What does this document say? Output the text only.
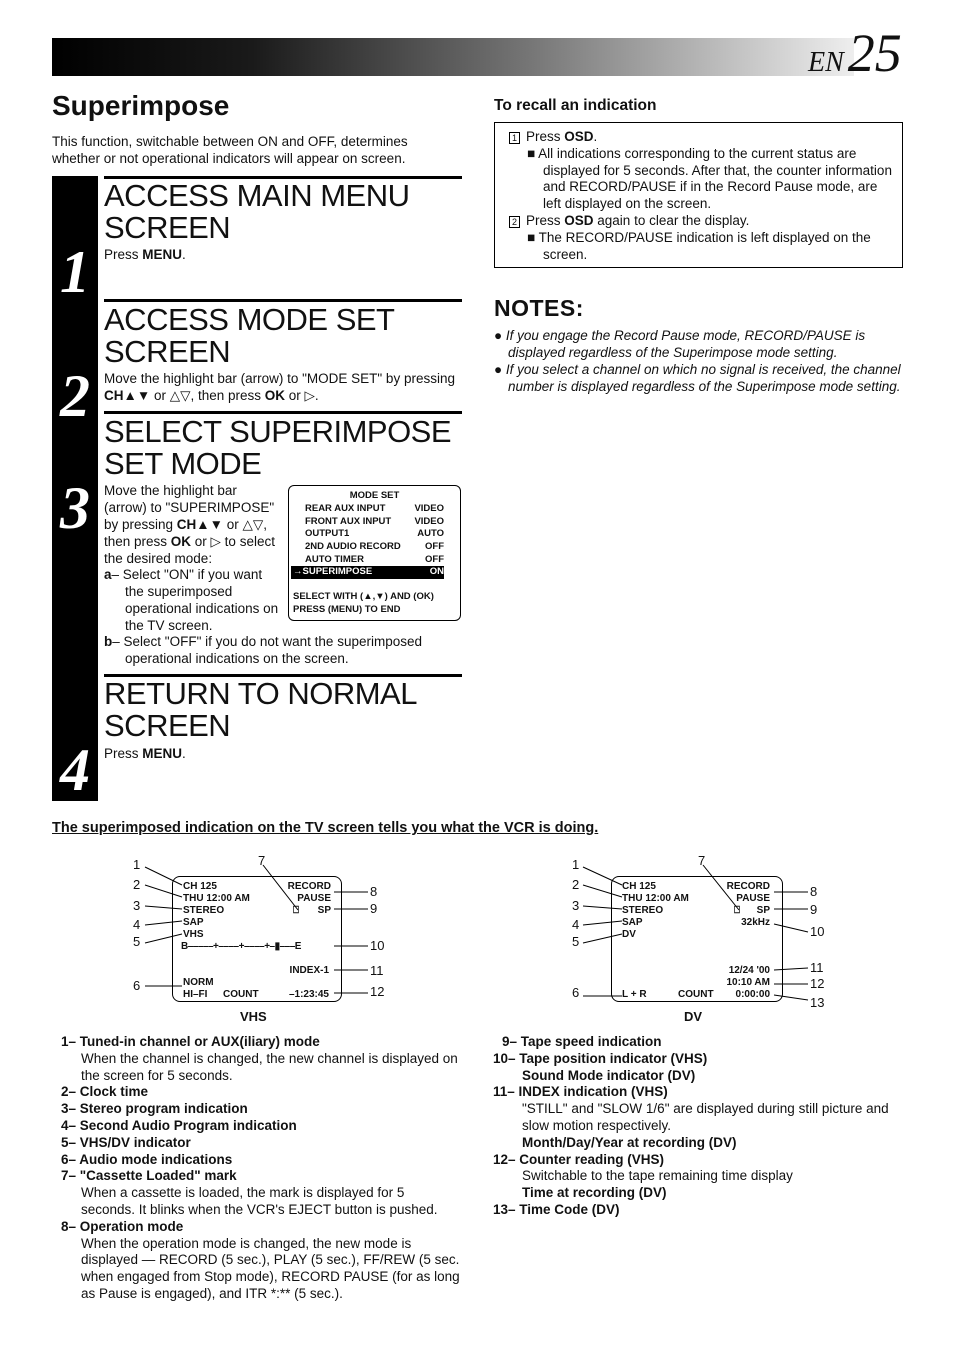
EN 25
Superimpose
This function, switchable between ON and OFF, determines whether or not operational indicators will appear on screen.
1
2
3
4
ACCESS MAIN MENU SCREEN
Press MENU.
ACCESS MODE SET SCREEN
Move the highlight bar (arrow) to "MODE SET" by pressing CH▲▼ or △▽, then press OK or ▷.
SELECT SUPERIMPOSE SET MODE
Move the highlight bar (arrow) to "SUPERIMPOSE" by pressing CH▲▼ or △▽, then press OK or ▷ to select the desired mode:
a– Select "ON" if you want the superimposed operational indications on the TV screen.
b– Select "OFF" if you do not want the superimposed operational indications on the screen.
MODE SET
REAR AUX INPUT	VIDEO
FRONT AUX INPUT VIDEO
OUTPUT1	AUTO
2ND AUDIO RECORD	OFF
AUTO TIMER	OFF
→SUPERIMPOSE	ON
SELECT WITH (▲,▼) AND (OK)
PRESS (MENU) TO END
RETURN TO NORMAL SCREEN
Press MENU.
To recall an indication
1 Press OSD.
■ All indications corresponding to the current status are displayed for 5 seconds. After that, the counter information and RECORD/PAUSE if in the Record Pause mode, are left displayed on the screen.
2 Press OSD again to clear the display.
■ The RECORD/PAUSE indication is left displayed on the screen.
NOTES:
● If you engage the Record Pause mode, RECORD/PAUSE is displayed regardless of the Superimpose mode setting.
● If you select a channel on which no signal is received, the channel number is displayed regardless of the Superimpose mode setting.
The superimposed indication on the TV screen tells you what the VCR is doing.
CH 125
THU 12:00 AM
STEREO
SAP
VHS
RECORD
PAUSE
⎕ SP
B–––––+––––+––––+–▮–––E
INDEX-1
NORM
HI–FI COUNT	–1:23:45
VHS
CH 125
THU 12:00 AM
STEREO
SAP
DV
RECORD
PAUSE
⎕ SP
32kHz
12/24 '00
10:10 AM
L + R	COUNT 0:00:00
DV
1
2
3
4
5
6
7
8
9
10
11
12
1
2
3
4
5
6
7
8
9
10
11
12
13
1– Tuned-in channel or AUX(iliary) mode
When the channel is changed, the new channel is displayed on the screen for 5 seconds.
2– Clock time
3– Stereo program indication
4– Second Audio Program indication
5– VHS/DV indicator
6– Audio mode indications
7– "Cassette Loaded" mark
When a cassette is loaded, the mark is displayed for 5 seconds. It blinks when the VCR's EJECT button is pushed.
8– Operation mode
When the operation mode is changed, the new mode is displayed — RECORD (5 sec.), PLAY (5 sec.), FF/REW (5 sec. when engaged from Stop mode), RECORD PAUSE (for as long as Pause is engaged), and ITR *:** (5 sec.).
9– Tape speed indication
10– Tape position indicator (VHS)
Sound Mode indicator (DV)
11– INDEX indication (VHS)
"STILL" and "SLOW 1/6" are displayed during still picture and slow motion respectively.
Month/Day/Year at recording (DV)
12– Counter reading (VHS)
Switchable to the tape remaining time display
Time at recording (DV)
13– Time Code (DV)
